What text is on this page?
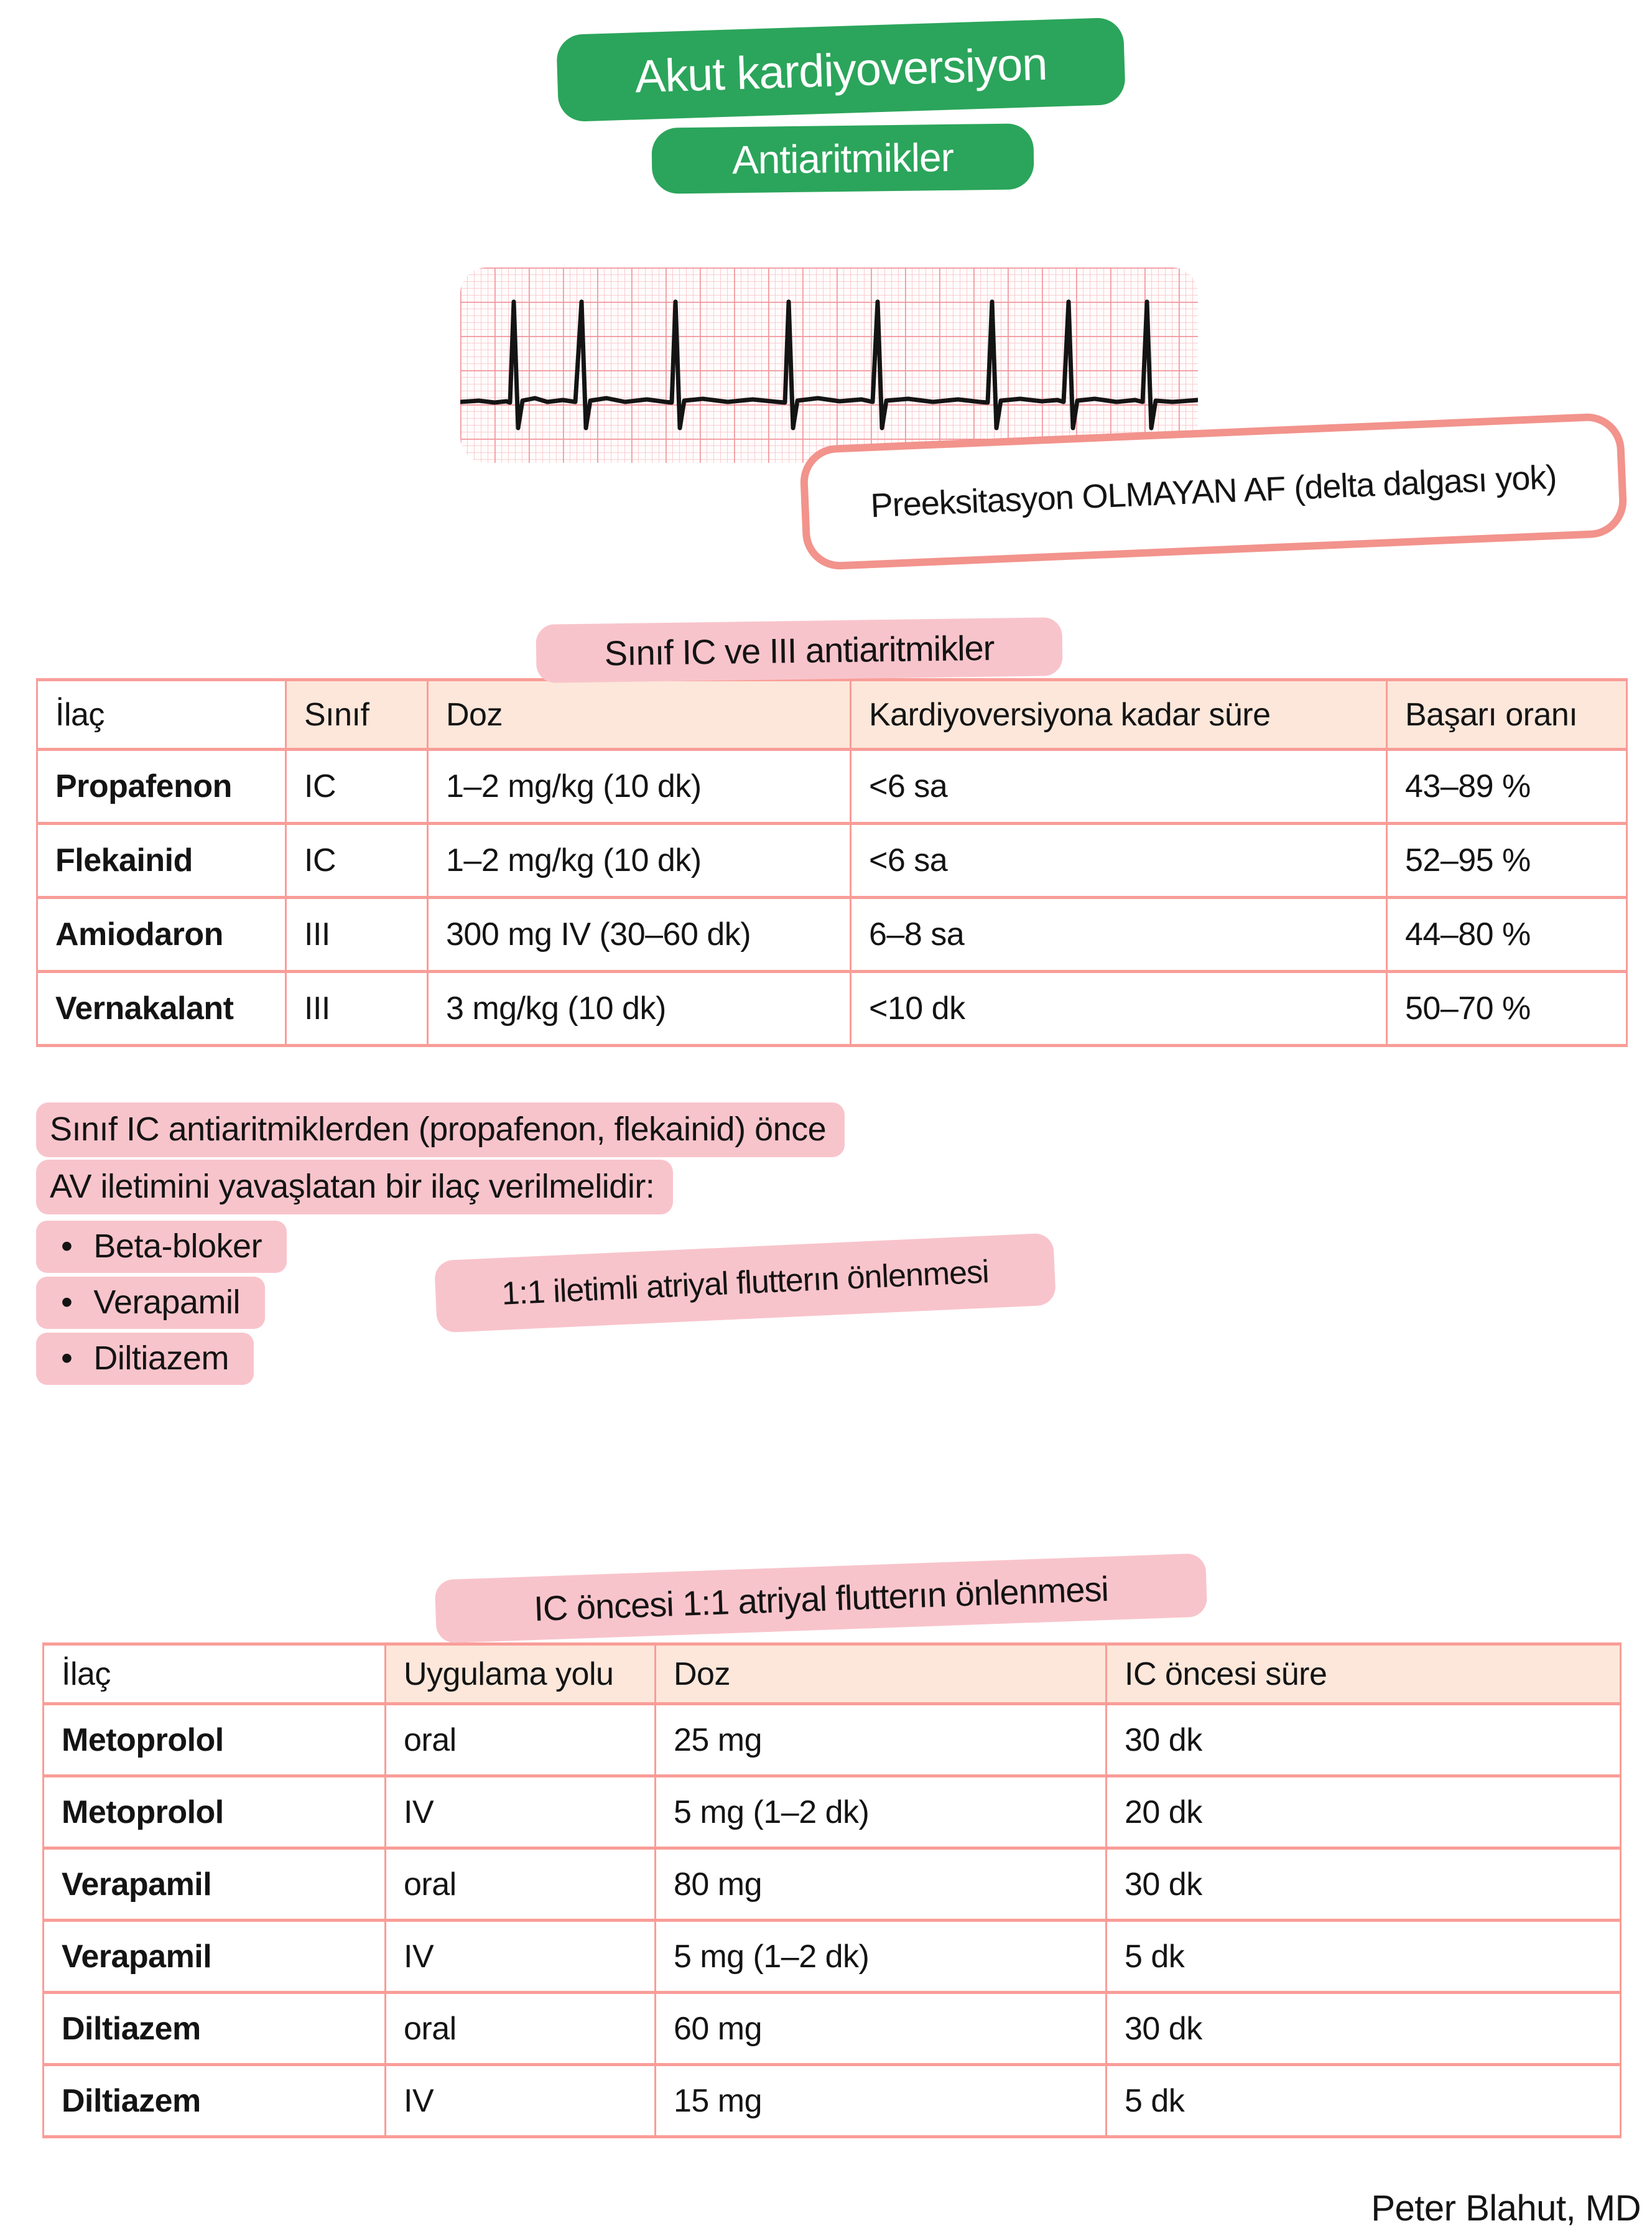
Akut kardiyoversiyon
Antiaritmikler
Preeksitasyon OLMAYAN AF (delta dalgası yok)
Sınıf IC ve III antiaritmikler
İlaç	Sınıf	Doz	Kardiyoversiyona kadar süre	Başarı oranı
Propafenon	IC	1–2 mg/kg (10 dk)	<6 sa	43–89 %
Flekainid	IC	1–2 mg/kg (10 dk)	<6 sa	52–95 %
Amiodaron	III	300 mg IV (30–60 dk)	6–8 sa	44–80 %
Vernakalant	III	3 mg/kg (10 dk)	<10 dk	50–70 %
Sınıf IC antiaritmiklerden (propafenon, flekainid) önce
AV iletimini yavaşlatan bir ilaç verilmelidir:
• Beta-bloker
• Verapamil
• Diltiazem
1:1 iletimli atriyal flutterın önlenmesi
IC öncesi 1:1 atriyal flutterın önlenmesi
İlaç	Uygulama yolu	Doz	IC öncesi süre
Metoprolol	oral	25 mg	30 dk
Metoprolol	IV	5 mg (1–2 dk)	20 dk
Verapamil	oral	80 mg	30 dk
Verapamil	IV	5 mg (1–2 dk)	5 dk
Diltiazem	oral	60 mg	30 dk
Diltiazem	IV	15 mg	5 dk
Peter Blahut, MD
